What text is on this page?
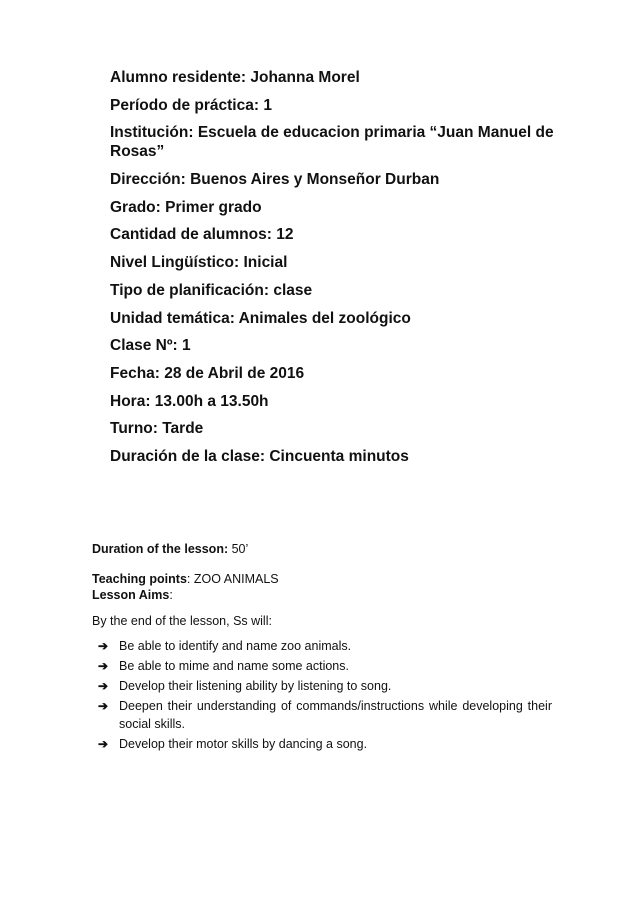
Alumno residente: Johanna Morel

Período de práctica: 1

Institución: Escuela de educacion primaria “Juan Manuel de Rosas”

Dirección: Buenos Aires y Monseñor Durban

Grado: Primer grado

Cantidad de alumnos: 12

Nivel Lingüístico: Inicial

Tipo de planificación: clase

Unidad temática: Animales del zoológico

Clase Nº: 1

Fecha: 28 de Abril de 2016

Hora: 13.00h a 13.50h

Turno: Tarde

Duración de la clase: Cincuenta minutos

Duration of the lesson: 50’

Teaching points: ZOO ANIMALS

Lesson Aims:

By the end of the lesson, Ss will:

➔ Be able to identify and name zoo animals.
➔ Be able to mime and name some actions.
➔ Develop their listening ability by listening to song.
➔ Deepen their understanding of commands/instructions while developing their social skills.
➔ Develop their motor skills by dancing a song.
